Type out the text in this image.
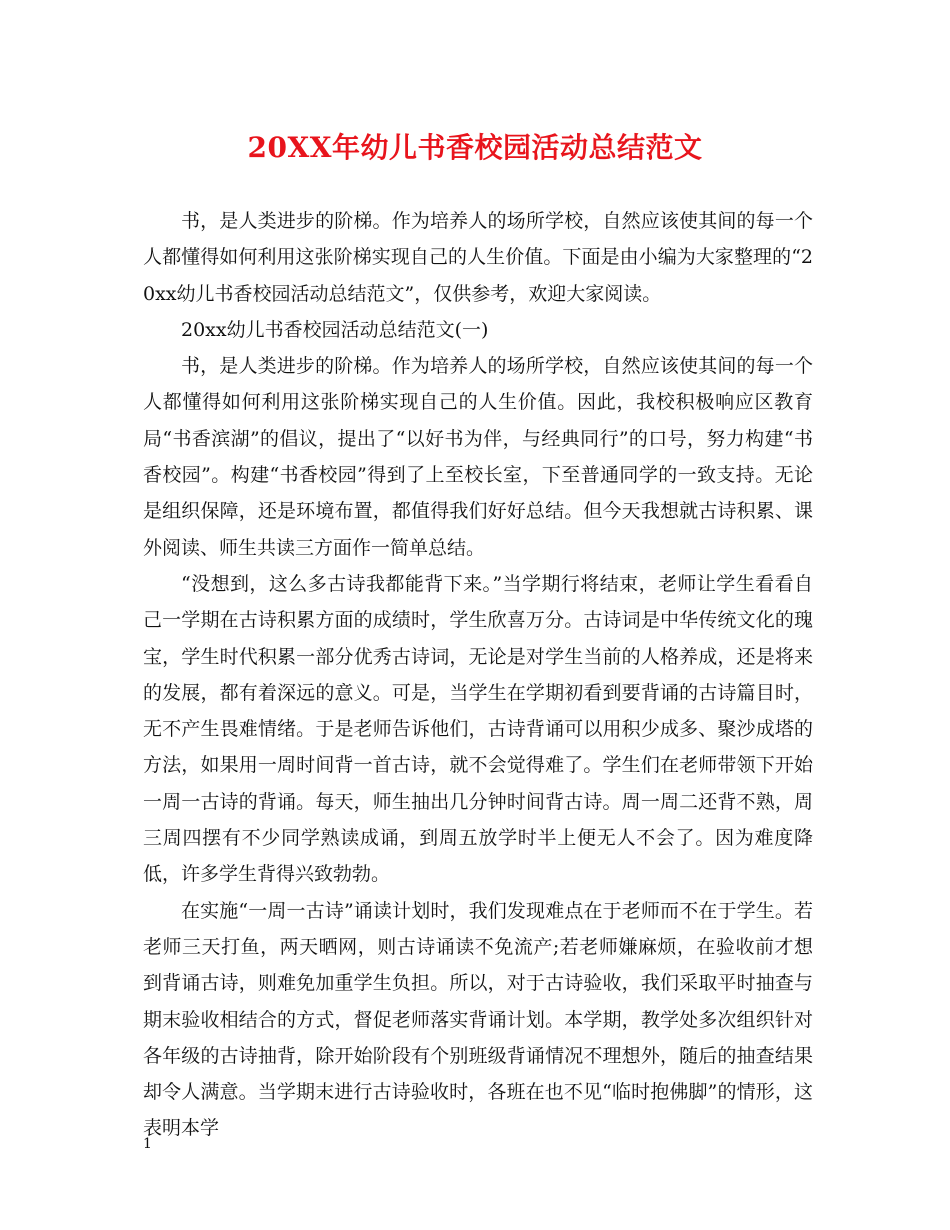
20XX年幼儿书香校园活动总结范文

书，是人类进步的阶梯。作为培养人的场所学校，自然应该使其间的每一个人都懂得如何利用这张阶梯实现自己的人生价值。下面是由小编为大家整理的“20xx幼儿书香校园活动总结范文”，仅供参考，欢迎大家阅读。

20xx幼儿书香校园活动总结范文(一)

书，是人类进步的阶梯。作为培养人的场所学校，自然应该使其间的每一个人都懂得如何利用这张阶梯实现自己的人生价值。因此，我校积极响应区教育局“书香滨湖”的倡议，提出了“以好书为伴，与经典同行”的口号，努力构建“书香校园”。构建“书香校园”得到了上至校长室，下至普通同学的一致支持。无论是组织保障，还是环境布置，都值得我们好好总结。但今天我想就古诗积累、课外阅读、师生共读三方面作一简单总结。

“没想到，这么多古诗我都能背下来。”当学期行将结束，老师让学生看看自己一学期在古诗积累方面的成绩时，学生欣喜万分。古诗词是中华传统文化的瑰宝，学生时代积累一部分优秀古诗词，无论是对学生当前的人格养成，还是将来的发展，都有着深远的意义。可是，当学生在学期初看到要背诵的古诗篇目时，无不产生畏难情绪。于是老师告诉他们，古诗背诵可以用积少成多、聚沙成塔的方法，如果用一周时间背一首古诗，就不会觉得难了。学生们在老师带领下开始一周一古诗的背诵。每天，师生抽出几分钟时间背古诗。周一周二还背不熟，周三周四摆有不少同学熟读成诵，到周五放学时半上便无人不会了。因为难度降低，许多学生背得兴致勃勃。

在实施“一周一古诗”诵读计划时，我们发现难点在于老师而不在于学生。若老师三天打鱼，两天晒网，则古诗诵读不免流产;若老师嫌麻烦，在验收前才想到背诵古诗，则难免加重学生负担。所以，对于古诗验收，我们采取平时抽查与期末验收相结合的方式，督促老师落实背诵计划。本学期，教学处多次组织针对各年级的古诗抽背，除开始阶段有个别班级背诵情况不理想外，随后的抽查结果却令人满意。当学期末进行古诗验收时，各班在也不见“临时抱佛脚”的情形，这表明本学

1
